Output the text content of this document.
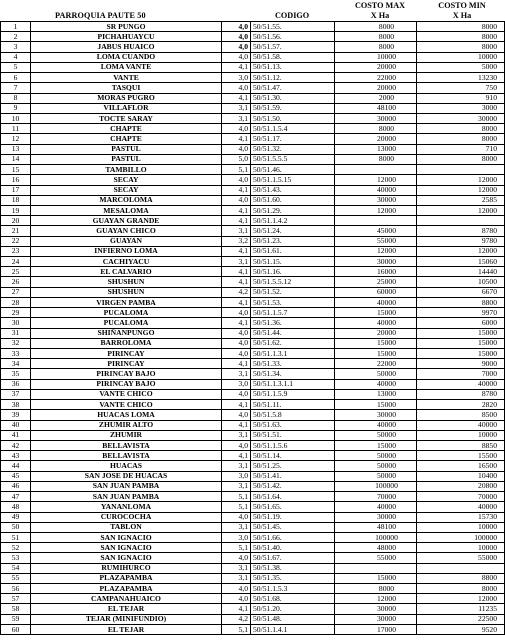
PARROQUIA PAUTE 50	CODIGO
COSTO MAX
X Ha
COSTO MIN
X Ha
1	SR PUNGO	4,0	50/51.55.	8000	8000
2	PICHAHUAYCU	4,0	50/51.56.	8000	8000
3	JABUS HUAICO	4,0	50/51.57.	8000	8000
4	LOMA CUANDO	4,0	50/51.58.	10000	10000
5	LOMA VANTE	4,1	50/51.13.	20000	5000
6	VANTE	3,0	50/51.12.	22000	13230
7	TASQUI	4,0	50/51.47.	20000	750
8	MORAS PUGRO	4,1	50/51.30.	2000	910
9	VILLAFLOR	3,1	50/51.59.	48100	3000
10	TOCTE SARAY	3,1	50/51.50.	30000	30000
11	CHAPTE	4,0	50/51.1.5.4	8000	8000
12	CHAPTE	4,1	50/51.17.	20000	8000
13	PASTUL	4,0	50/51.32.	13000	710
14	PASTUL	5,0	50/51.5.5.5	8000	8000
15	TAMBILLO	5,1	50/51.46.		
16	SECAY	4,0	50/51.1.5.15	12000	12000
17	SECAY	4,1	50/51.43.	40000	12000
18	MARCOLOMA	4,0	50/51.60.	30000	2585
19	MESALOMA	4,1	50/51.29.	12000	12000
20	GUAYAN GRANDE	4,1	50/51.1.4.2		
21	GUAYAN CHICO	3,1	50/51.24.	45000	8780
22	GUAYAN	3,2	50/51.23.	55000	9780
23	INFIERNO LOMA	4,1	50/51.61.	12000	12000
24	CACHIYACU	3,1	50/51.15.	30000	15060
25	EL CALVARIO	4,1	50/51.16.	16000	14440
26	SHUSHUN	4,1	50/51.5.5.12	25000	10500
27	SHUSHUN	4,2	50/51.52.	60000	6670
28	VIRGEN PAMBA	4,1	50/51.53.	40000	8800
29	PUCALOMA	4,0	50/51.1.5.7	15000	9970
30	PUCALOMA	4,1	50/51.36.	40000	6000
31	SHIÑANPUNGO	4,0	50/51.44.	20000	15000
32	BARROLOMA	4,0	50/51.62.	15000	15000
33	PIRINCAY	4,0	50/51.1.3.1	15000	15000
34	PIRINCAY	4,1	50/51.33.	22000	9000
35	PIRINCAY BAJO	3,1	50/51.34.	50000	7000
36	PIRINCAY BAJO	3,0	50/51.1.3.1.1	40000	40000
37	VANTE CHICO	4,0	50/51.1.5.9	13000	8780
38	VANTE CHICO	4,1	50/51.11.	15000	2820
39	HUACAS LOMA	4,0	50/51.5.8	30000	8500
40	ZHUMIR ALTO	4,1	50/51.63.	40000	40000
41	ZHUMIR	3,1	50/51.51.	50000	10000
42	BELLAVISTA	4,0	50/51.1.5.6	15000	8850
43	BELLAVISTA	4,1	50/51.14.	50000	15500
44	HUACAS	3,1	50/51.25.	50000	16500
45	SAN JOSE DE HUACAS	3,0	50/51.41.	50000	10400
46	SAN JUAN PAMBA	3,1	50/51.42.	100000	20800
47	SAN JUAN PAMBA	5,1	50/51.64.	70000	70000
48	YANANLOMA	5,1	50/51.65.	40000	40000
49	CUROCOCHA	4,0	50/51.19.	30000	15730
50	TABLON	3,1	50/51.45.	48100	10000
51	SAN IGNACIO	3,0	50/51.66.	100000	100000
52	SAN IGNACIO	5,1	50/51.40.	48000	10000
53	SAN IGNACIO	4,0	50/51.67.	55000	55000
54	RUMIHURCO	3,1	50/51.38.		
55	PLAZAPAMBA	3,1	50/51.35.	15000	8800
56	PLAZAPAMBA	4,0	50/51.1.5.3	8000	8000
57	CAMPANAHUAICO	4,0	50/51.68.	12000	12000
58	EL TEJAR	4,1	50/51.20.	30000	11235
59	TEJAR (MINIFUNDIO)	4,2	50/51.48.	30000	22500
60	EL TEJAR	5,1	50/51.1.4.1	17000	9520
